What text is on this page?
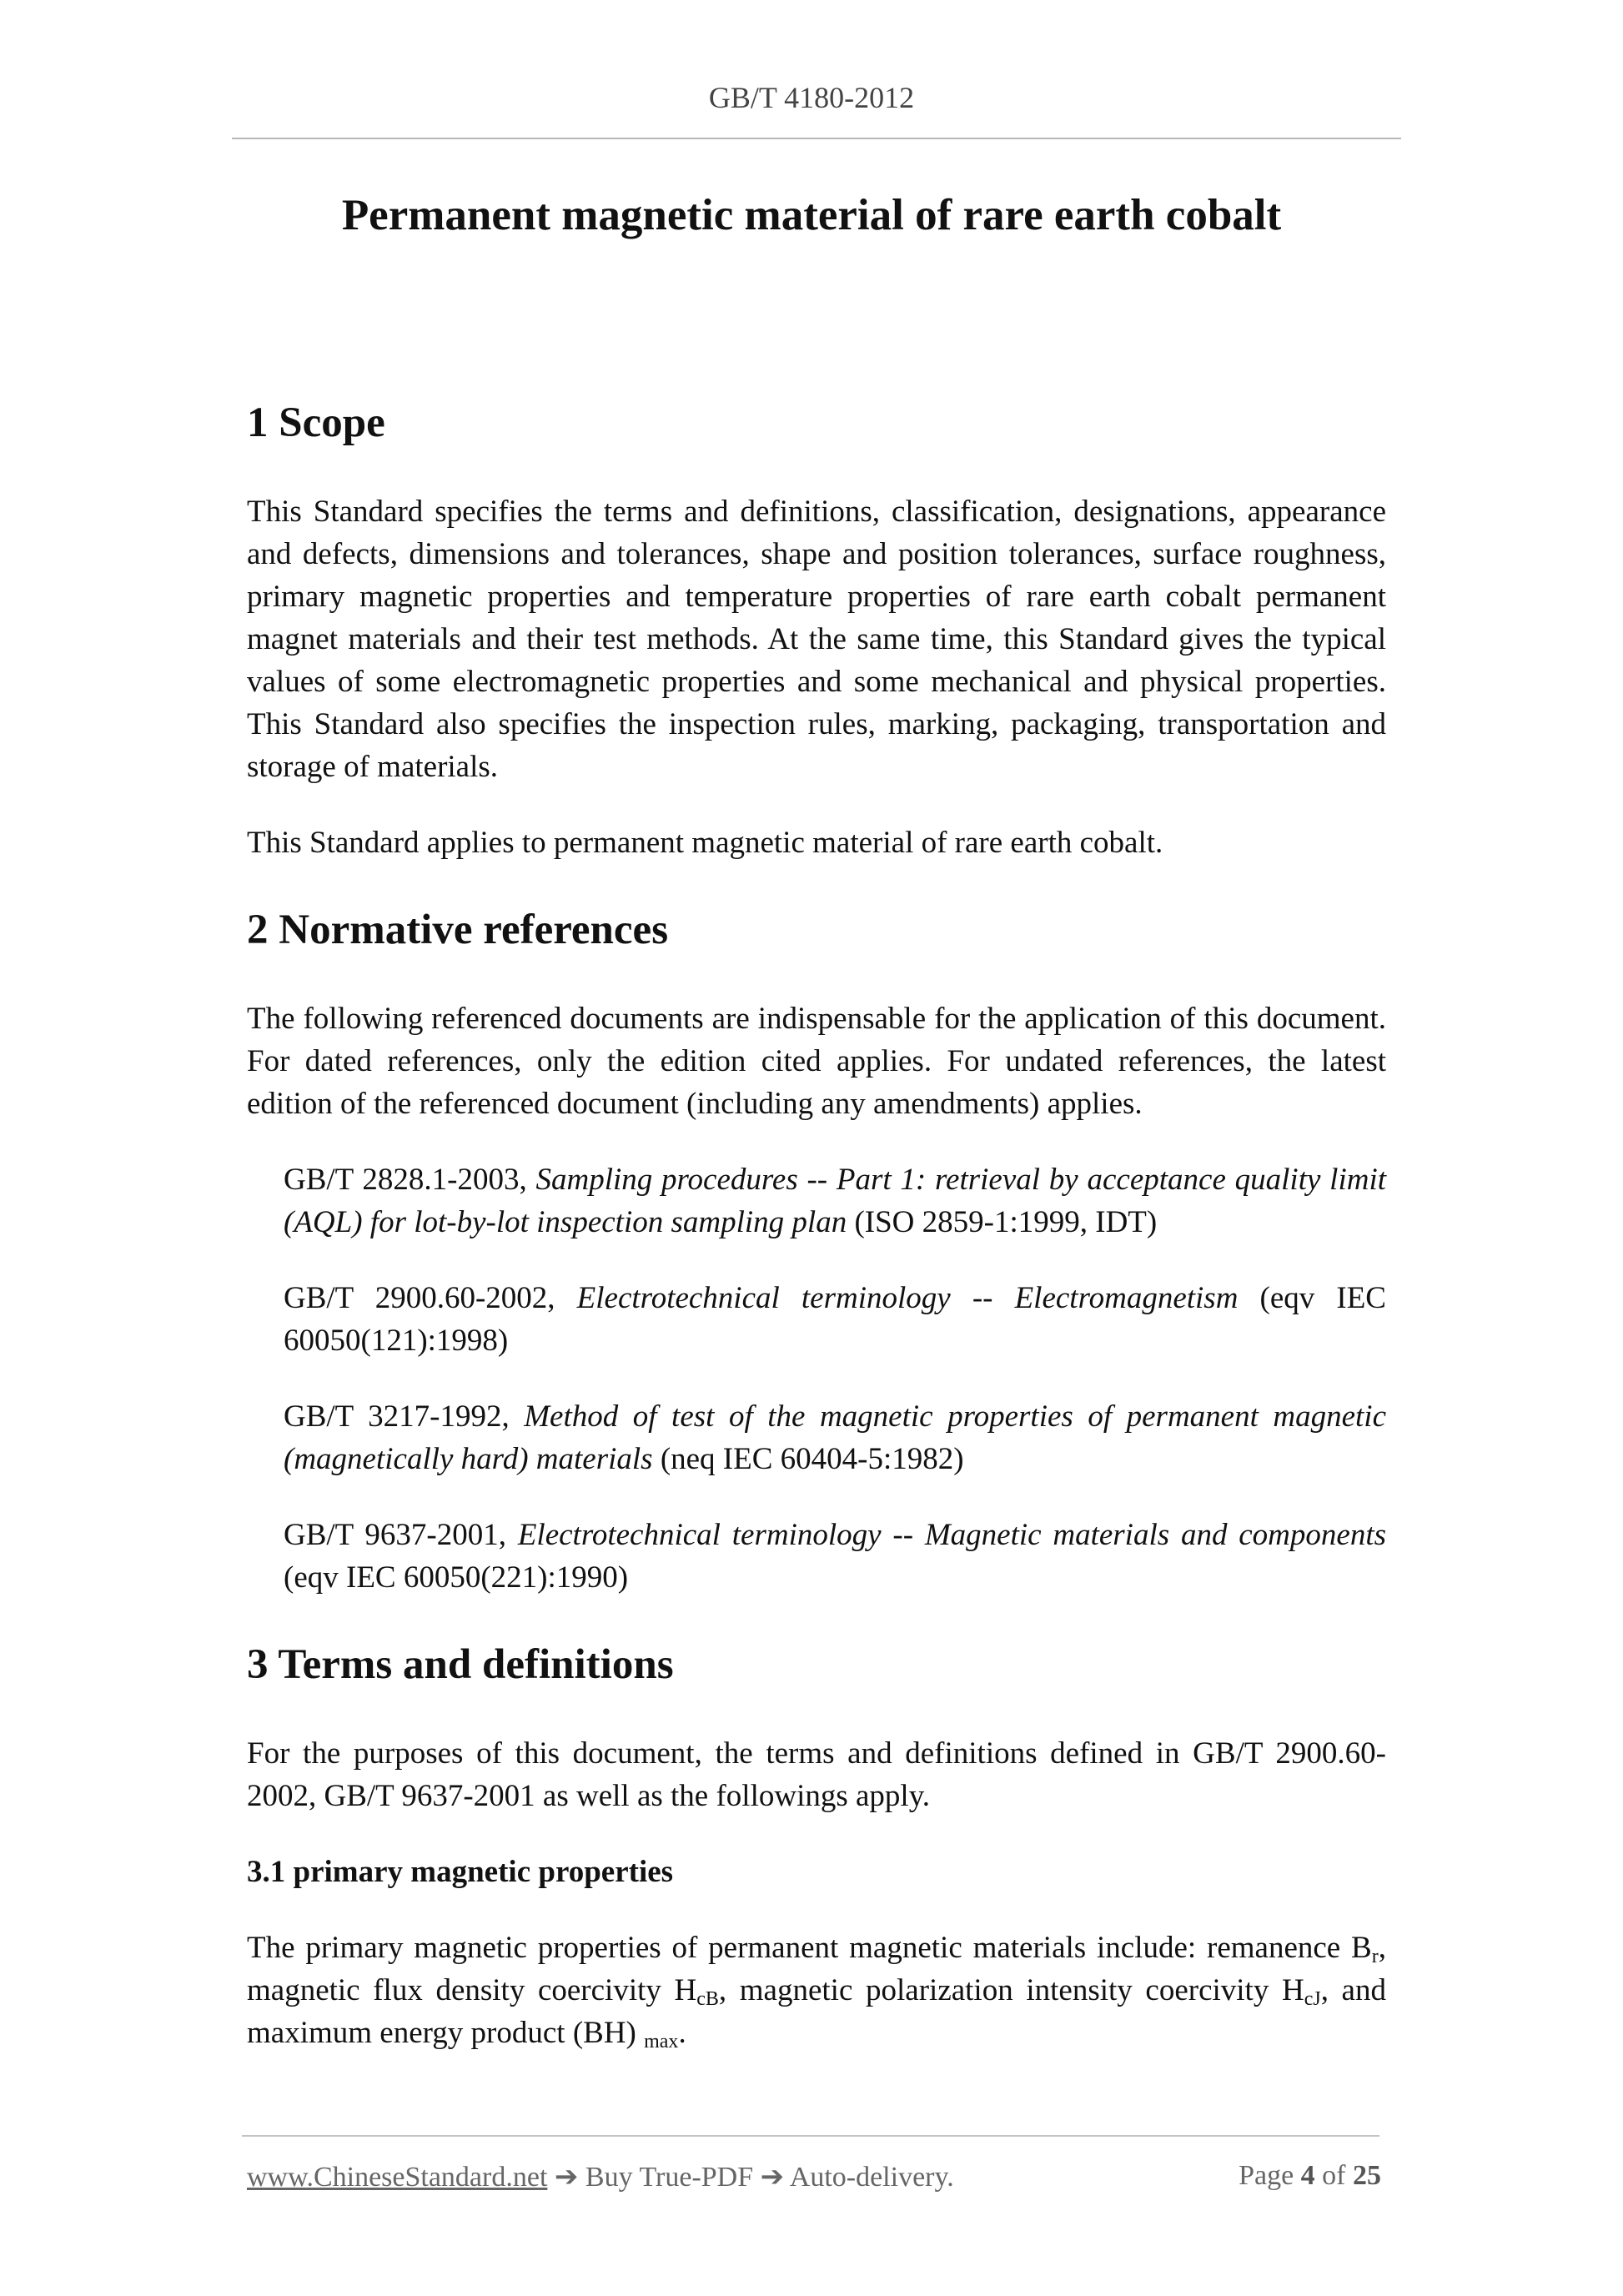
GB/T 4180-2012
Permanent magnetic material of rare earth cobalt
1 Scope

This Standard specifies the terms and definitions, classification, designations, appearance and defects, dimensions and tolerances, shape and position tolerances, surface roughness, primary magnetic properties and temperature properties of rare earth cobalt permanent magnet materials and their test methods. At the same time, this Standard gives the typical values of some electromagnetic properties and some mechanical and physical properties. This Standard also specifies the inspection rules, marking, packaging, transportation and storage of materials.

This Standard applies to permanent magnetic material of rare earth cobalt.

2 Normative references

The following referenced documents are indispensable for the application of this document. For dated references, only the edition cited applies. For undated references, the latest edition of the referenced document (including any amendments) applies.

GB/T 2828.1-2003, Sampling procedures -- Part 1: retrieval by acceptance quality limit (AQL) for lot-by-lot inspection sampling plan (ISO 2859-1:1999, IDT)

GB/T 2900.60-2002, Electrotechnical terminology -- Electromagnetism (eqv IEC 60050(121):1998)

GB/T 3217-1992, Method of test of the magnetic properties of permanent magnetic (magnetically hard) materials (neq IEC 60404-5:1982)

GB/T 9637-2001, Electrotechnical terminology -- Magnetic materials and components (eqv IEC 60050(221):1990)

3 Terms and definitions

For the purposes of this document, the terms and definitions defined in GB/T 2900.60-2002, GB/T 9637-2001 as well as the followings apply.

3.1 primary magnetic properties

The primary magnetic properties of permanent magnetic materials include: remanence $B_r$, magnetic flux density coercivity $H_{cB}$, magnetic polarization intensity coercivity $H_{cJ}$, and maximum energy product (BH) $_{max}$.

www.ChineseStandard.net ➔ Buy True-PDF ➔ Auto-delivery.	Page 4 of 25
